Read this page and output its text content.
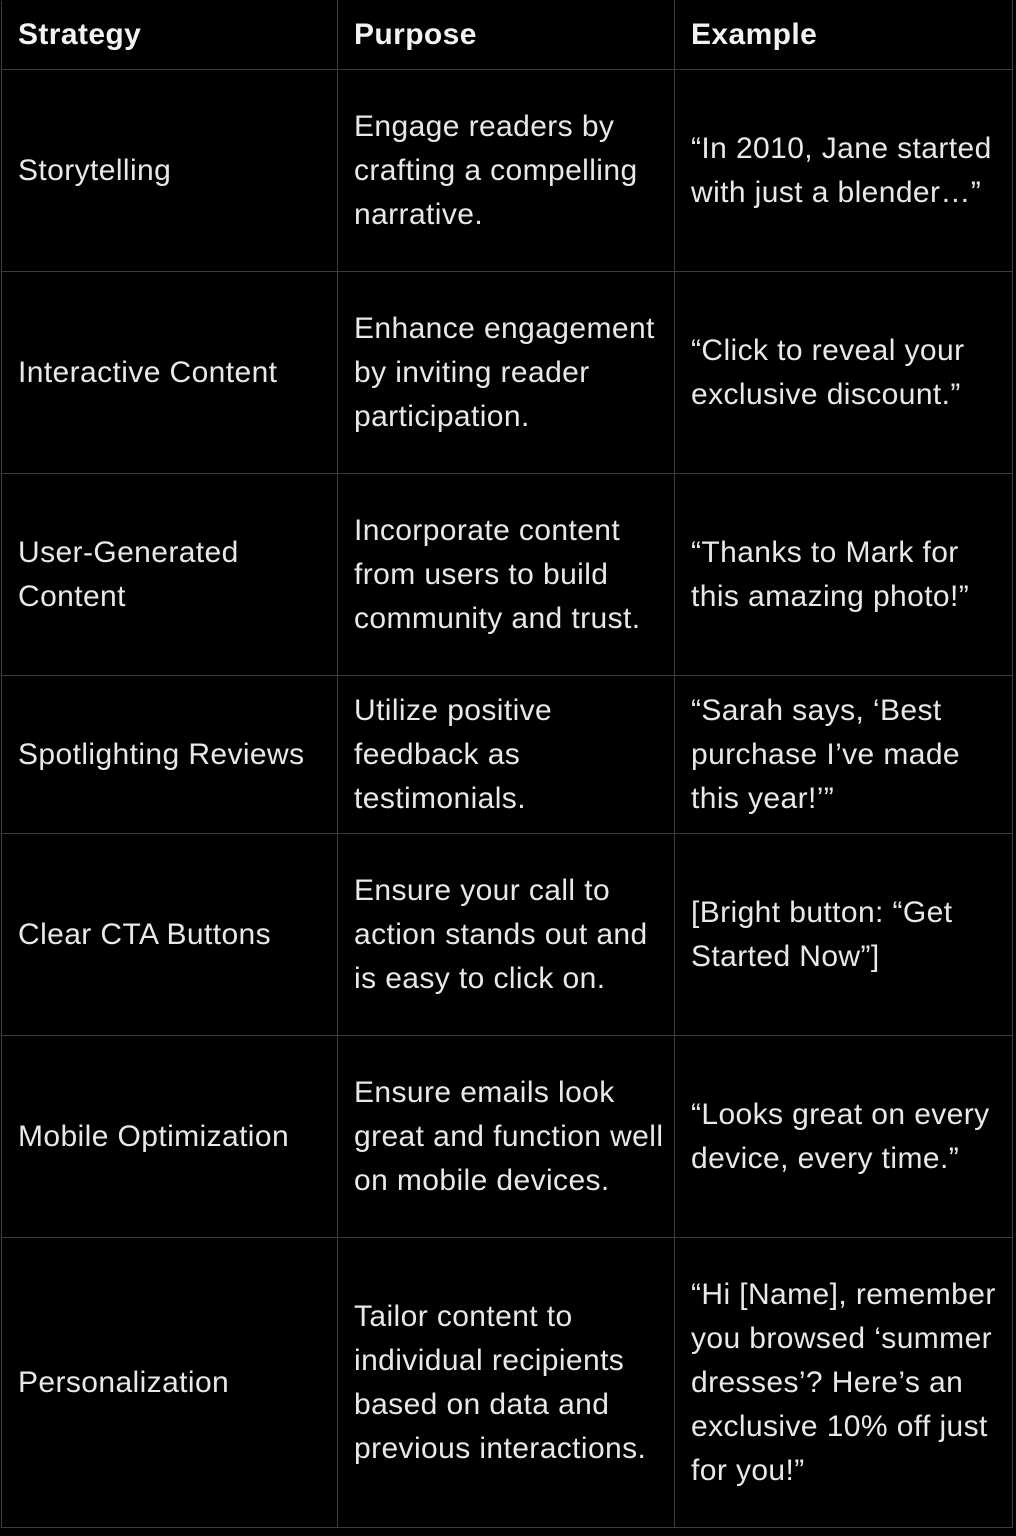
Strategy	Purpose	Example
Storytelling	Engage readers by crafting a compelling narrative.	“In 2010, Jane started with just a blender…”
Interactive Content	Enhance engagement by inviting reader participation.	“Click to reveal your exclusive discount.”
User-Generated Content	Incorporate content from users to build community and trust.	“Thanks to Mark for this amazing photo!”
Spotlighting Reviews	Utilize positive feedback as testimonials.	“Sarah says, ‘Best purchase I’ve made this year!’”
Clear CTA Buttons	Ensure your call to action stands out and is easy to click on.	[Bright button: “Get Started Now”]
Mobile Optimization	Ensure emails look great and function well on mobile devices.	“Looks great on every device, every time.”
Personalization	Tailor content to individual recipients based on data and previous interactions.	“Hi [Name], remember you browsed ‘summer dresses’? Here’s an exclusive 10% off just for you!”
